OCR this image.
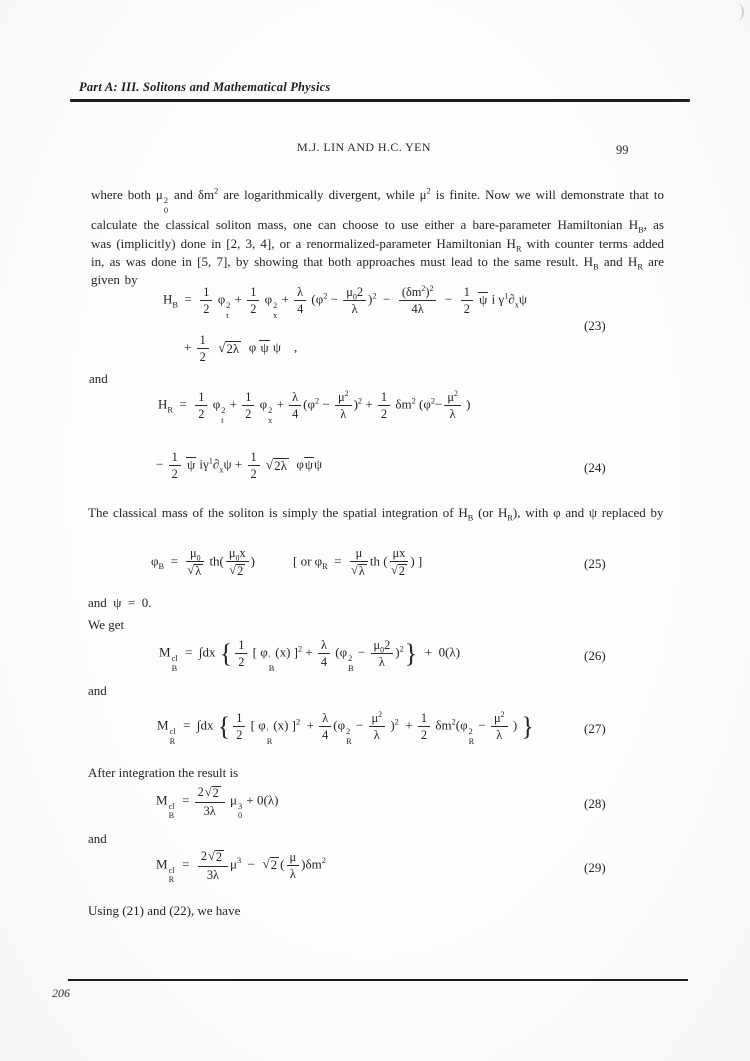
Part A: III. Solitons and Mathematical Physics
M.J. LIN AND H.C. YEN	99
where both μ 2
0
and $\delta m^2$ are logarithmically divergent, while $\mu^2$ is finite. Now we will demonstrate that to calculate the classical soliton mass, one can choose to use either a bare-parameter Hamiltonian $H_B$, as was (implicitly) done in [2, 3, 4], or a renormalized-parameter Hamiltonian $H_R$ with counter terms added in, as was done in [5, 7], by showing that both approaches must lead to the same result. $H_B$ and $H_R$ are given by
$H_B = \frac{1}{2}$ φ 2
t
+ $\frac{1}{2}$ φ 2
x
+ $\frac{\lambda}{4} (\varphi^2 - \frac{\mu_02}{\lambda} )^2 - \frac{(\delta m^2)^2}{4\lambda} - \frac{1}{2}$ ψ i $\gamma^1\partial_x\psi$
+ $\frac{1}{2}$
√ 2λ φ ψ ψ    ,
(23)
and
$H_R = \frac{1}{2}$ φ 2
t
+ $\frac{1}{2}$ φ 2
x
+ $\frac{\lambda}{4} (\varphi^2 - \frac{\mu^2}{\lambda} )^2 + \frac{1}{2} \delta m^2$ ($\varphi^2- \frac{\mu^2}{\lambda}$ )
− $\frac{1}{2}$ ψ $i\gamma^1\partial_x\psi + \frac{1}{2}$
√ 2λ φψψ	(24)
The classical mass of the soliton is simply the spatial integration of $H_B$ (or $H_R$), with φ and ψ replaced by
$\varphi_B = \frac{\mu_0}{√ \lambda} th( \frac{\mu_0x}{√ 2}$ )	[ or $\varphi_R = \frac{\mu}{√ \lambda}$ th ( $\frac{\mu x}{√ 2}$ ) ]	(25)
and  ψ  =  0.
We get
M cl
B
=  ∫dx { $\frac{1}{2}$ [ φ ′
B
(x) ]$^2 + \frac{\lambda}{4} (\varphi$ 2
B
− $\frac{\mu_02}{\lambda} )^2\} + 0(\lambda)$	(26)
and
M cl
R
=  ∫dx { $\frac{1}{2}$ [ φ ′
R
(x) ]$^2 + \frac{\lambda}{4} (\varphi$ 2
R
− $\frac{\mu^2}{\lambda} )^2 + \frac{1}{2} \delta m^2(\varphi$ 2
R
− $\frac{\mu^2}{\lambda}$ ) }	(27)
After integration the result is
M cl
B
= $\frac{2 √ 2}{3\lambda}$ μ 3
0
+ 0(λ)	(28)
and
M cl
R
= $\frac{2 √ 2}{3\lambda} \mu^3$  − √ 2 ( $\frac{\mu}{\lambda} )\delta m^2$	(29)
Using (21) and (22), we have
206
